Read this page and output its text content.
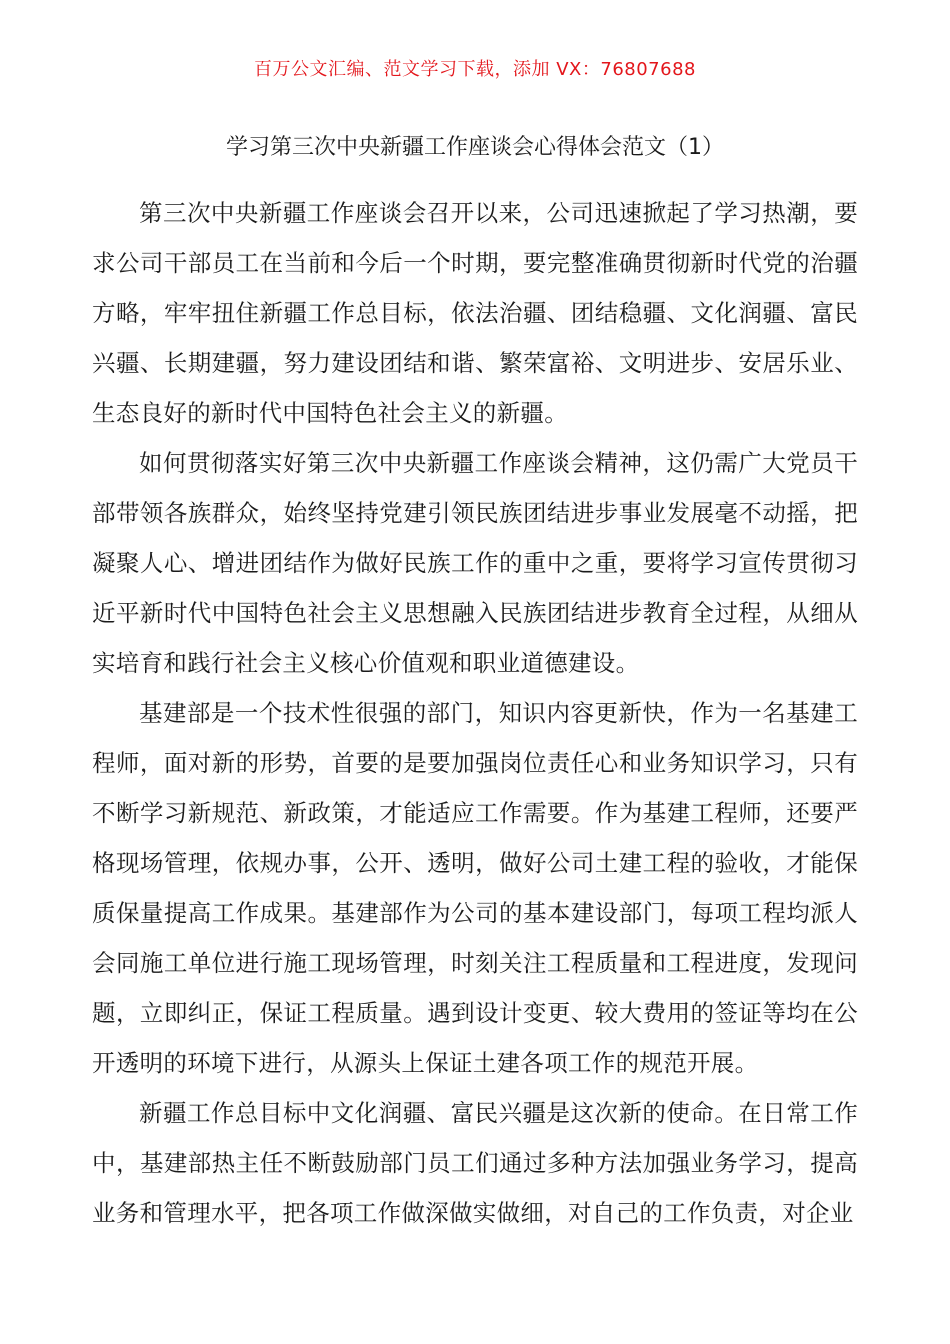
百万公文汇编、范文学习下载，添加 VX：76807688
学习第三次中央新疆工作座谈会心得体会范文（1）

第三次中央新疆工作座谈会召开以来，公司迅速掀起了学习热潮，要求公司干部员工在当前和今后一个时期，要完整准确贯彻新时代党的治疆方略，牢牢扭住新疆工作总目标，依法治疆、团结稳疆、文化润疆、富民兴疆、长期建疆，努力建设团结和谐、繁荣富裕、文明进步、安居乐业、生态良好的新时代中国特色社会主义的新疆。

如何贯彻落实好第三次中央新疆工作座谈会精神，这仍需广大党员干部带领各族群众，始终坚持党建引领民族团结进步事业发展毫不动摇，把凝聚人心、增进团结作为做好民族工作的重中之重，要将学习宣传贯彻习近平新时代中国特色社会主义思想融入民族团结进步教育全过程，从细从实培育和践行社会主义核心价值观和职业道德建设。

基建部是一个技术性很强的部门，知识内容更新快，作为一名基建工程师，面对新的形势，首要的是要加强岗位责任心和业务知识学习，只有不断学习新规范、新政策，才能适应工作需要。作为基建工程师，还要严格现场管理，依规办事，公开、透明，做好公司土建工程的验收，才能保质保量提高工作成果。基建部作为公司的基本建设部门，每项工程均派人会同施工单位进行施工现场管理，时刻关注工程质量和工程进度，发现问题，立即纠正，保证工程质量。遇到设计变更、较大费用的签证等均在公开透明的环境下进行，从源头上保证土建各项工作的规范开展。

新疆工作总目标中文化润疆、富民兴疆是这次新的使命。在日常工作中，基建部热主任不断鼓励部门员工们通过多种方法加强业务学习，提高业务和管理水平，把各项工作做深做实做细，对自己的工作负责，对企业
